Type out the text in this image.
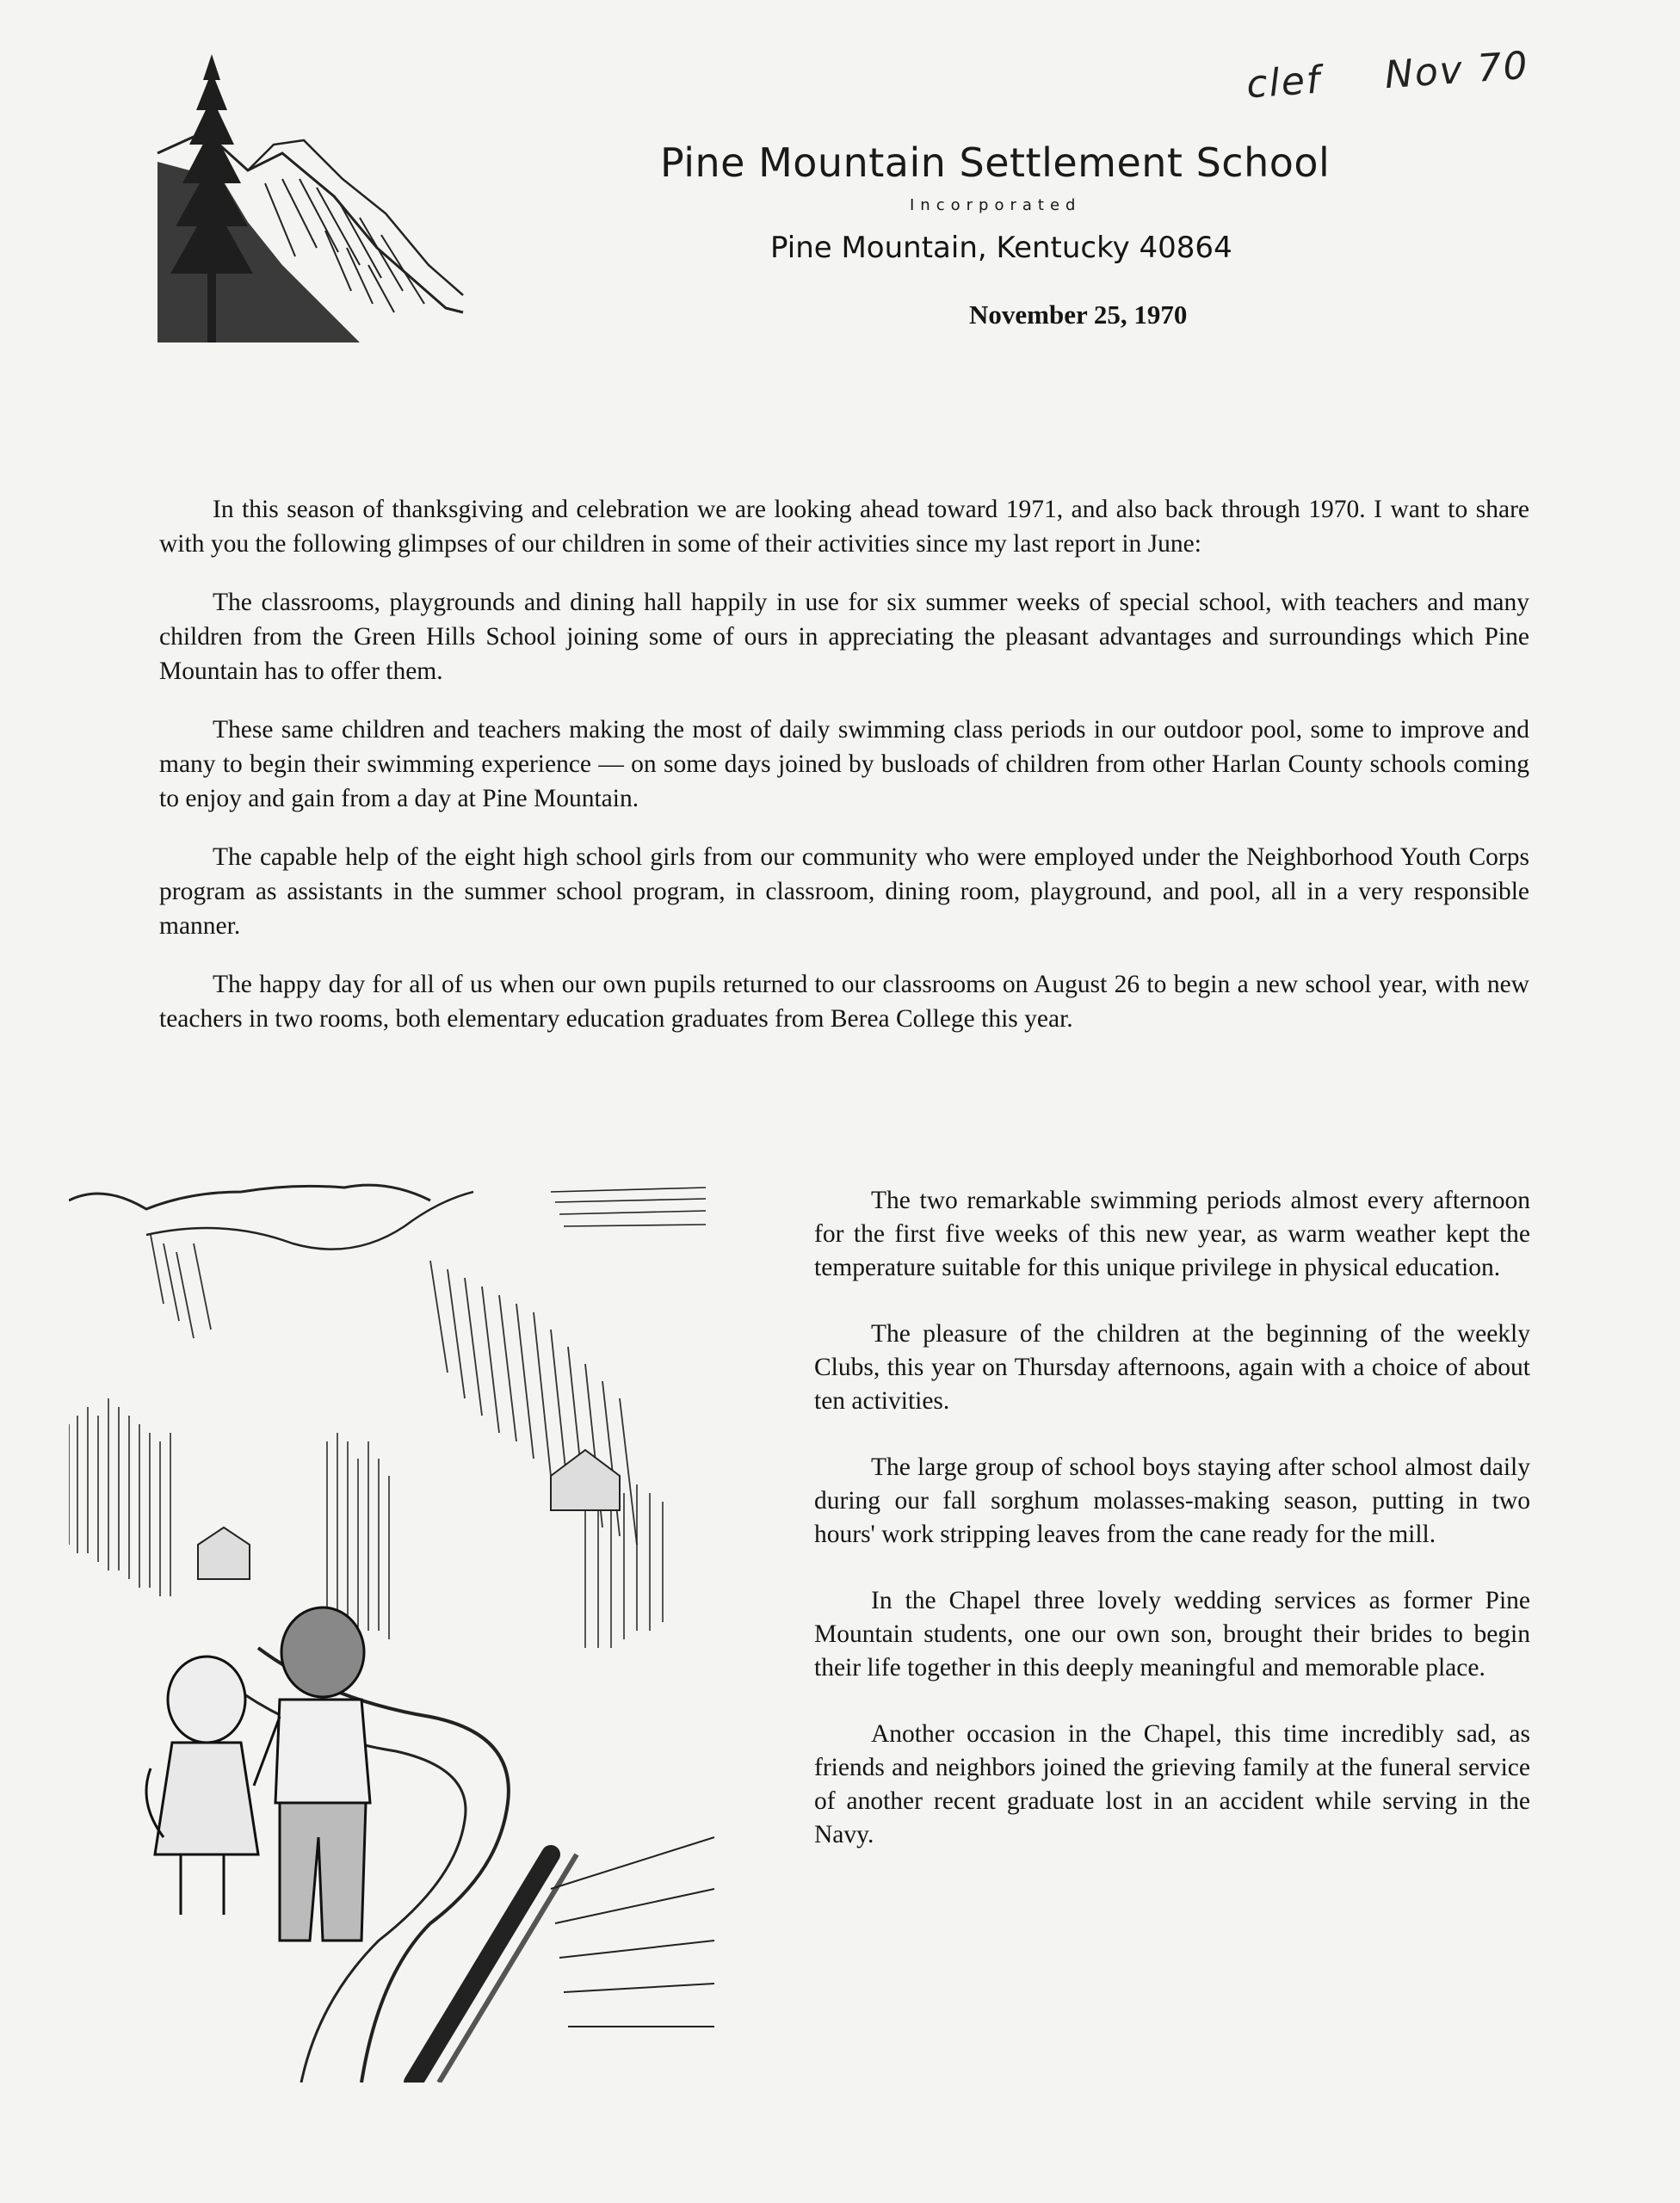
clef Nov 70
Pine Mountain Settlement School
Incorporated
Pine Mountain, Kentucky 40864
November 25, 1970

In this season of thanksgiving and celebration we are looking ahead toward 1971, and also back through 1970. I want to share with you the following glimpses of our children in some of their activities since my last report in June:

The classrooms, playgrounds and dining hall happily in use for six summer weeks of special school, with teachers and many children from the Green Hills School joining some of ours in appreciating the pleasant advantages and surroundings which Pine Mountain has to offer them.

These same children and teachers making the most of daily swimming class periods in our outdoor pool, some to improve and many to begin their swimming experience — on some days joined by busloads of children from other Harlan County schools coming to enjoy and gain from a day at Pine Mountain.

The capable help of the eight high school girls from our community who were employed under the Neighborhood Youth Corps program as assistants in the summer school program, in classroom, dining room, playground, and pool, all in a very responsible manner.

The happy day for all of us when our own pupils returned to our classrooms on August 26 to begin a new school year, with new teachers in two rooms, both elementary education graduates from Berea College this year.

The two remarkable swimming periods almost every afternoon for the first five weeks of this new year, as warm weather kept the temperature suitable for this unique privilege in physical education.

The pleasure of the children at the beginning of the weekly Clubs, this year on Thursday afternoons, again with a choice of about ten activities.

The large group of school boys staying after school almost daily during our fall sorghum molasses-making season, putting in two hours' work stripping leaves from the cane ready for the mill.

In the Chapel three lovely wedding services as former Pine Mountain students, one our own son, brought their brides to begin their life together in this deeply meaningful and memorable place.

Another occasion in the Chapel, this time incredibly sad, as friends and neighbors joined the grieving family at the funeral service of another recent graduate lost in an accident while serving in the Navy.
